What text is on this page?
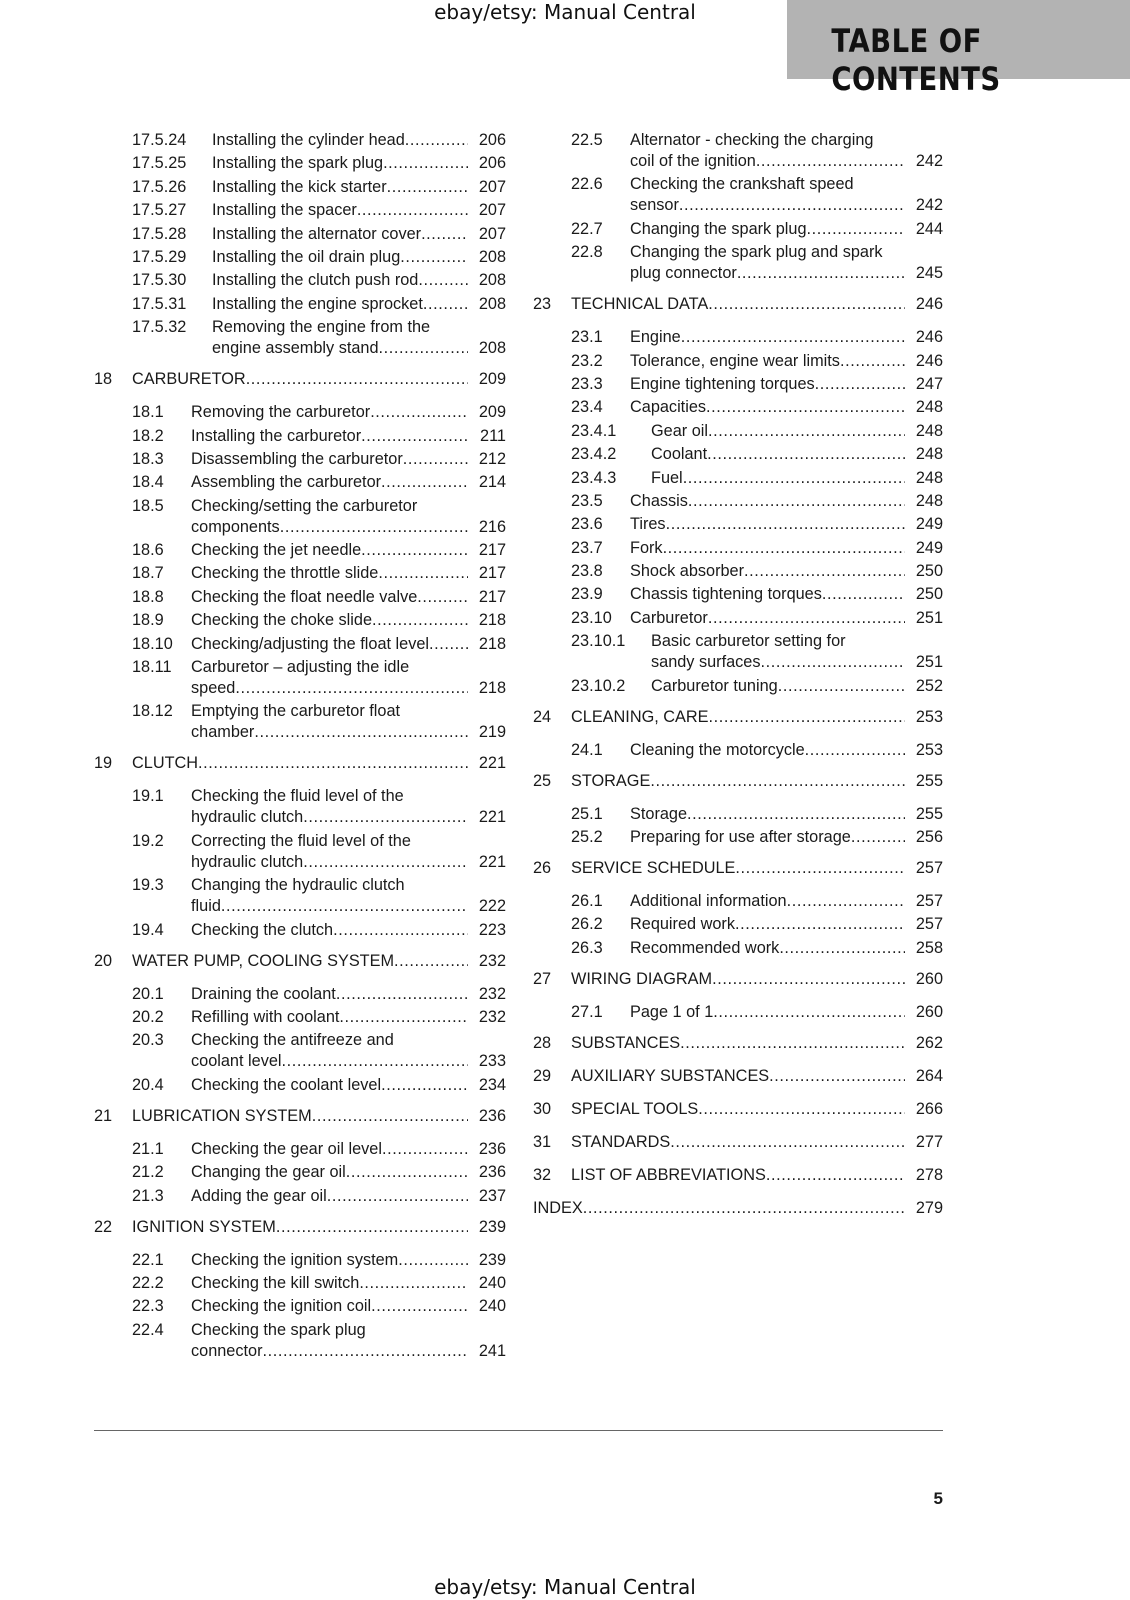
ebay/etsy: Manual Central
TABLE OF CONTENTS
17.5.24	Installing the cylinder head .....	206
17.5.25	Installing the spark plug .....	206
17.5.26	Installing the kick starter .....	207
17.5.27	Installing the spacer .....	207
17.5.28	Installing the alternator cover .....	207
17.5.29	Installing the oil drain plug .....	208
17.5.30	Installing the clutch push rod .....	208
17.5.31	Installing the engine sprocket .....	208
17.5.32	Removing the engine from the
engine assembly stand .....	208
18	CARBURETOR .....	209
18.1	Removing the carburetor .....	209
18.2	Installing the carburetor .....	211
18.3	Disassembling the carburetor .....	212
18.4	Assembling the carburetor .....	214
18.5	Checking/setting the carburetor
components .....	216
18.6	Checking the jet needle .....	217
18.7	Checking the throttle slide .....	217
18.8	Checking the float needle valve .....	217
18.9	Checking the choke slide .....	218
18.10	Checking/adjusting the float level .....	218
18.11	Carburetor – adjusting the idle
speed .....	218
18.12	Emptying the carburetor float
chamber .....	219
19	CLUTCH .....	221
19.1	Checking the fluid level of the
hydraulic clutch .....	221
19.2	Correcting the fluid level of the
hydraulic clutch .....	221
19.3	Changing the hydraulic clutch
fluid .....	222
19.4	Checking the clutch .....	223
20	WATER PUMP, COOLING SYSTEM .....	232
20.1	Draining the coolant .....	232
20.2	Refilling with coolant .....	232
20.3	Checking the antifreeze and
coolant level .....	233
20.4	Checking the coolant level .....	234
21	LUBRICATION SYSTEM .....	236
21.1	Checking the gear oil level .....	236
21.2	Changing the gear oil .....	236
21.3	Adding the gear oil .....	237
22	IGNITION SYSTEM .....	239
22.1	Checking the ignition system .....	239
22.2	Checking the kill switch .....	240
22.3	Checking the ignition coil .....	240
22.4	Checking the spark plug
connector .....	241
22.5	Alternator - checking the charging
coil of the ignition .....	242
22.6	Checking the crankshaft speed
sensor .....	242
22.7	Changing the spark plug .....	244
22.8	Changing the spark plug and spark
plug connector .....	245
23	TECHNICAL DATA .....	246
23.1	Engine .....	246
23.2	Tolerance, engine wear limits .....	246
23.3	Engine tightening torques .....	247
23.4	Capacities .....	248
23.4.1	Gear oil .....	248
23.4.2	Coolant .....	248
23.4.3	Fuel .....	248
23.5	Chassis .....	248
23.6	Tires .....	249
23.7	Fork .....	249
23.8	Shock absorber .....	250
23.9	Chassis tightening torques .....	250
23.10	Carburetor .....	251
23.10.1	Basic carburetor setting for
sandy surfaces .....	251
23.10.2	Carburetor tuning .....	252
24	CLEANING, CARE .....	253
24.1	Cleaning the motorcycle .....	253
25	STORAGE .....	255
25.1	Storage .....	255
25.2	Preparing for use after storage .....	256
26	SERVICE SCHEDULE .....	257
26.1	Additional information .....	257
26.2	Required work .....	257
26.3	Recommended work .....	258
27	WIRING DIAGRAM .....	260
27.1	Page 1 of 1 .....	260
28	SUBSTANCES .....	262
29	AUXILIARY SUBSTANCES .....	264
30	SPECIAL TOOLS .....	266
31	STANDARDS .....	277
32	LIST OF ABBREVIATIONS .....	278
INDEX .....	279
5
ebay/etsy: Manual Central
